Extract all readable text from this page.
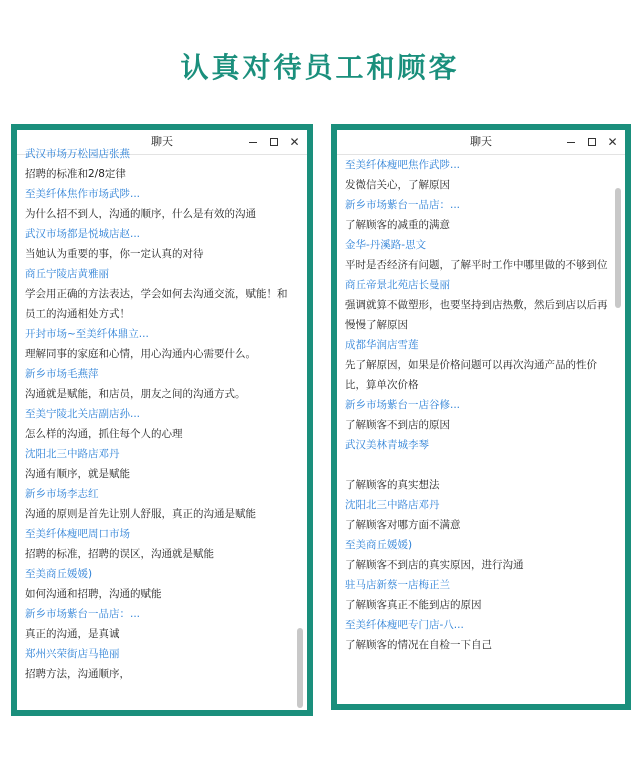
认真对待员工和顾客
聊天	✕
武汉市场万松园店张燕
招聘的标准和2/8定律
至美纤体焦作市场武陟...
为什么招不到人，沟通的顺序，什么是有效的沟通
武汉市场都是悦城店赵...
当她认为重要的事，你一定认真的对待
商丘宁陵店黄雅丽
学会用正确的方法表达，学会如何去沟通交流，赋能！和员工的沟通相处方式！
开封市场~至美纤体鼎立...
理解同事的家庭和心情，用心沟通内心需要什么。
新乡市场毛燕萍
沟通就是赋能，和店员，朋友之间的沟通方式。
至美宁陵北关店副店孙...
怎么样的沟通，抓住每个人的心理
沈阳北三中路店邓丹
沟通有顺序，就是赋能
新乡市场李志红
沟通的原则是首先让别人舒服，真正的沟通是赋能
至美纤体瘦吧周口市场
招聘的标准，招聘的误区，沟通就是赋能
至美商丘媛媛)
如何沟通和招聘，沟通的赋能
新乡市场紫台一品店：...
真正的沟通，是真诚
郑州兴荣街店马艳丽
招聘方法，沟通顺序，
聊天	✕
至美纤体瘦吧焦作武陟...
发微信关心，了解原因
新乡市场紫台一品店：...
了解顾客的减重的满意
金华-丹溪路-思文
平时是否经济有问题，了解平时工作中哪里做的不够到位
商丘帝景北苑店长曼丽
强调就算不做塑形，也要坚持到店热敷，然后到店以后再慢慢了解原因
成都华润店雪莲
先了解原因，如果是价格问题可以再次沟通产品的性价比，算单次价格
新乡市场紫台一店谷修...
了解顾客不到店的原因
武汉美林青城李琴
了解顾客的真实想法
沈阳北三中路店邓丹
了解顾客对哪方面不满意
至美商丘媛媛)
了解顾客不到店的真实原因，进行沟通
驻马店新蔡一店梅正兰
了解顾客真正不能到店的原因
至美纤体瘦吧专门店-八...
了解顾客的情况在自检一下自己
